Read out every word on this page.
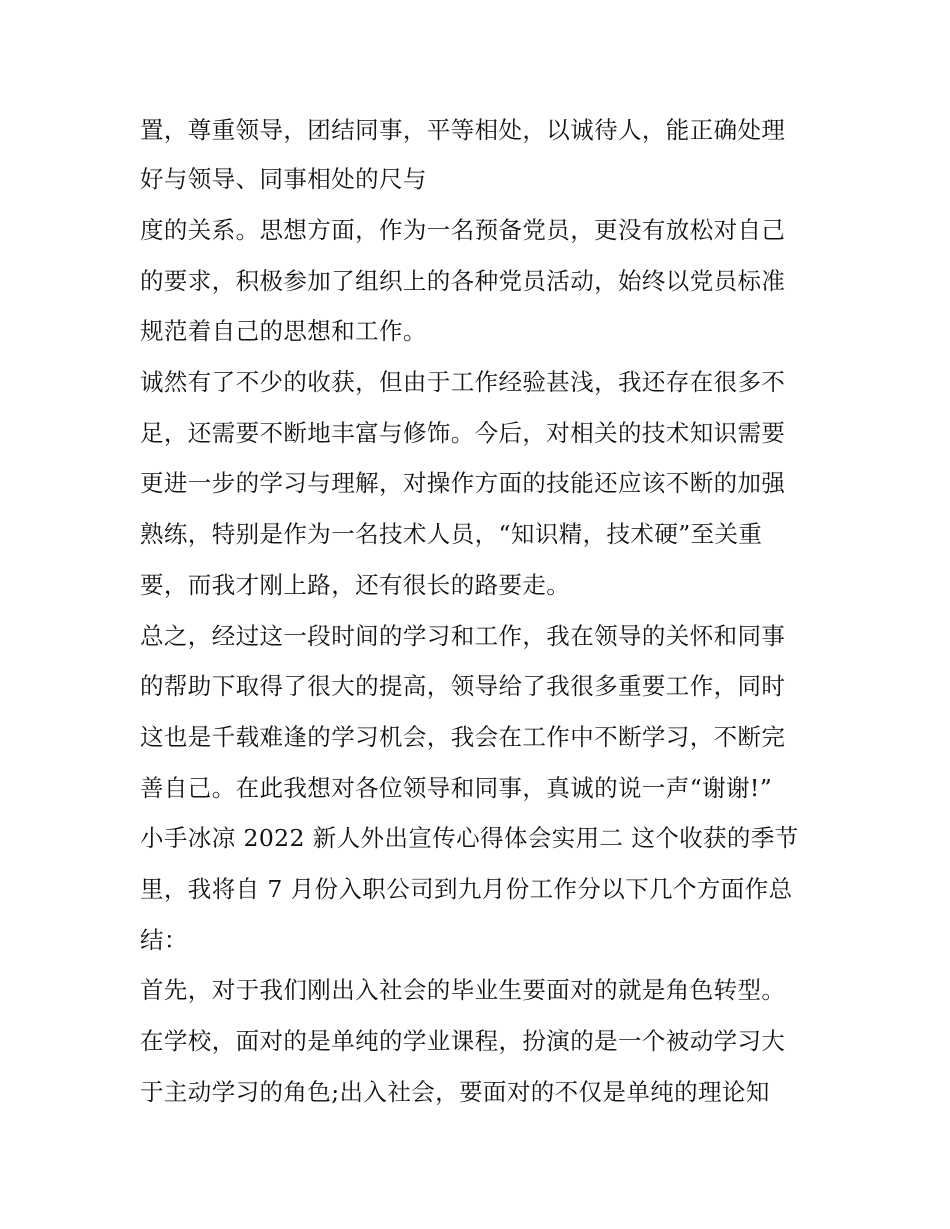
置，尊重领导，团结同事，平等相处，以诚待人，能正确处理
好与领导、同事相处的尺与
度的关系。思想方面，作为一名预备党员，更没有放松对自己
的要求，积极参加了组织上的各种党员活动，始终以党员标准
规范着自己的思想和工作。
诚然有了不少的收获，但由于工作经验甚浅，我还存在很多不
足，还需要不断地丰富与修饰。今后，对相关的技术知识需要
更进一步的学习与理解，对操作方面的技能还应该不断的加强
熟练，特别是作为一名技术人员，“知识精，技术硬”至关重
要，而我才刚上路，还有很长的路要走。
总之，经过这一段时间的学习和工作，我在领导的关怀和同事
的帮助下取得了很大的提高，领导给了我很多重要工作，同时
这也是千载难逢的学习机会，我会在工作中不断学习，不断完
善自己。在此我想对各位领导和同事，真诚的说一声“谢谢!”
小手冰凉 2022 新人外出宣传心得体会实用二 这个收获的季节
里，我将自 7 月份入职公司到九月份工作分以下几个方面作总
结：
首先，对于我们刚出入社会的毕业生要面对的就是角色转型。
在学校，面对的是单纯的学业课程，扮演的是一个被动学习大
于主动学习的角色;出入社会，要面对的不仅是单纯的理论知
